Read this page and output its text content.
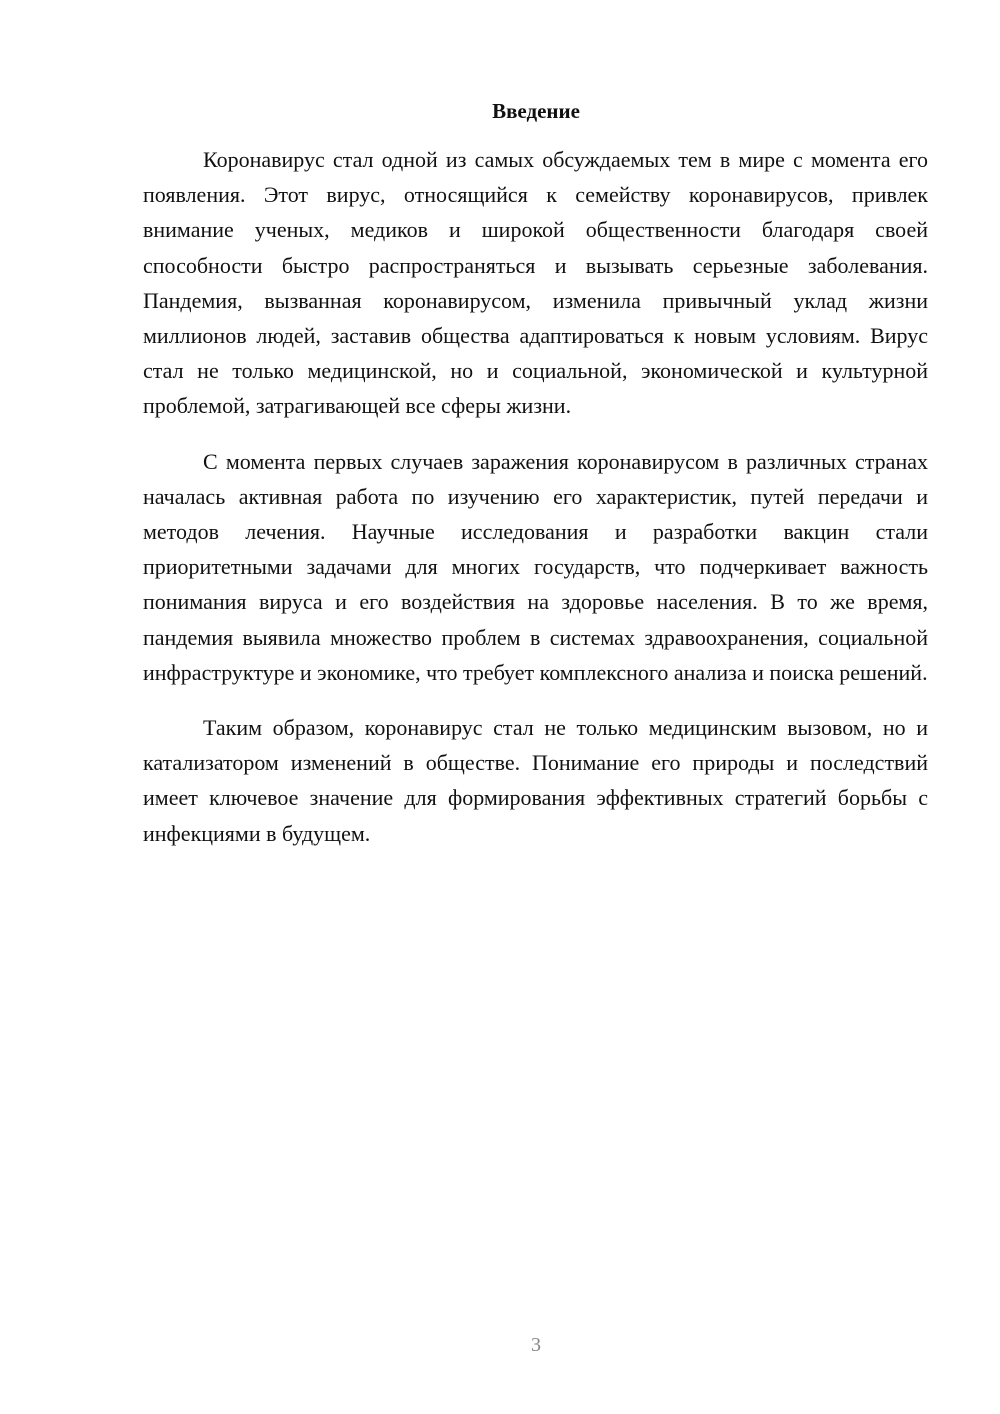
Введение

Коронавирус стал одной из самых обсуждаемых тем в мире с момента его появления. Этот вирус, относящийся к семейству коронавирусов, привлек внимание ученых, медиков и широкой общественности благодаря своей способности быстро распространяться и вызывать серьезные заболевания. Пандемия, вызванная коронавирусом, изменила привычный уклад жизни миллионов людей, заставив общества адаптироваться к новым условиям. Вирус стал не только медицинской, но и социальной, экономической и культурной проблемой, затрагивающей все сферы жизни.

С момента первых случаев заражения коронавирусом в различных странах началась активная работа по изучению его характеристик, путей передачи и методов лечения. Научные исследования и разработки вакцин стали приоритетными задачами для многих государств, что подчеркивает важность понимания вируса и его воздействия на здоровье населения. В то же время, пандемия выявила множество проблем в системах здравоохранения, социальной инфраструктуре и экономике, что требует комплексного анализа и поиска решений.

Таким образом, коронавирус стал не только медицинским вызовом, но и катализатором изменений в обществе. Понимание его природы и последствий имеет ключевое значение для формирования эффективных стратегий борьбы с инфекциями в будущем.

3
